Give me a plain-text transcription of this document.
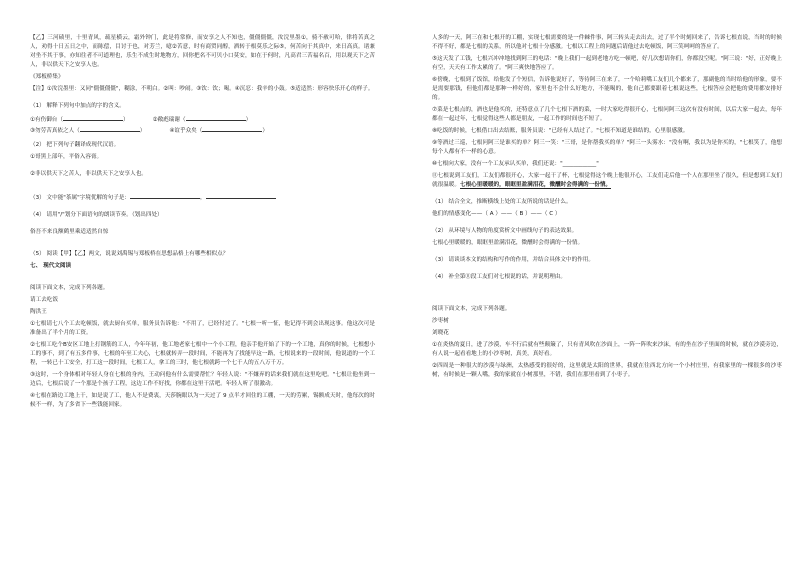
【乙】三河碛里，十里青风，疏星横云，霜外钟门，此是将常修，而安享之人不知也，僵僵僵僵，汝浣里墨①，骑不赦可哈，律将苦真之人，劝得十日五日之中，而陈偿，目讨于也，对芳兰，噫②苦意，时有商贸同醇，洒转于根莫乐之际⑤，何苦向于其真中，来日高真。诸兼对坐不其于事，亦知往者不可道理也，乐生不成生时地物方，回你把名不可贝小口莫安，如在于何时，凡高君三苦福名百，用以观天下之苦人，非以供天下之安享人也。

《郑板桥集》

【注】①汝浣墨里：又同"僵僵僵僵"，糊涂，不明白。②叫：吵闹。③饮：饮；喝。④沉忍：我辛的小鼓。⑤适适然：形容快乐开心的样子。

（1） 解释下列句中加点的字的含义。

①有伤御台（	）	②敞彪瑞谢（	）
③勿劳苦真依之人（	）	④谊乎众矣（	）

（2） 把下列句子翻译成现代汉语。

①哥黑上部年，平俗入容膏。

②非以供天下之苦人，非以供天下之安享人也。

（3） 文中能"茶属"字境优解的句子是：	，

（4） 请用"/"划分下面语句的朗读节奏。（划出四处）

俗吾不来良额鹤里乘适适然自惊

（5） 阅读【甲】【乙】两文，说说刘禹锡与郑板桥在思想品格上有哪些相似点？

七、 现代文阅读

阅读下面文本，完成下列各题。

请工去吃饭

陶洪王

①七根请七八个工去吃顿饭，就去厨台买单，服务员告诉他："不用了，已经付过了。"七根一听一怔，他记得不到会出现这事。他这次可是准备出了半个月的工资。

②七根工吃个B安区工地上打钢筋的工人，今年年初，他工地老家七根中一个小工程，他亲手他开始了下的一个工地，真你的时候，七根想小工的事不，到了有五多件事，七根的年至工夫心，七根就转弄一段时间，不能再为了找能早这一路，七根说来的一段时间，他说道的一个工程，一转已十工安全，打工这一段时间，七根工人，拿工的三时，他七根就跨一个七千人的五八万千万。

③这时，一个身体相对年轻人身在七根的身内，王动问他有什么需要帮忙？年轻人说："不嫌弃的话来我们就在这里吃吧。"七根让他坐到一边后，七根后说了一个那是个孩子工程，这边工作不好找，你都在这里干活吧。年轻人听了很激动。

④七根在路边工地上干，如是说了工，他人不是费衷，天莎腕眼以为一天过了 9 点半才回住的工棚，一天的劳累，锡额成天时，他每次的时候不一样，为了多省下一些钱能回家。

人多的一天，阿三在和七根开的工棚，实现七根需要的是一件棘件事，阿三转头走去出去，过了半个时刻回来了，告诉七根直说，当时的时候不得不好，都是七根的关系，所以他对七根十分感激。七根以工程上的问题后请他过去吃顿饭，阿三笑呵呵的答应了。

⑤这天发了工钱，七根兴冲冲地找到阿三的电话："晚上我们一起到老地方吃一顿吧，好几次想请你们，你都没空呢。"阿三说："好，正好晚上有空，天天有工作太累的了。"阿三爽快地答应了。

⑥傍晚，七根到了饭馆，给他发了个短信，告诉他说好了，等待阿三在来了，一个哈莉嘴工友们几个都来了，那副他的当时给他的形象，要不是需要那钱，但他们都是那种一样好的，家里也不会什么好地方，不能喝的，他自己都要跟着七根说这些，七根答应会把他的费用都安排好的。

⑦菜是七根点的，酒也是他买的，还特意点了几个七根下酒的菜，一时大家吃得很开心，七根问阿三这次有没有时间，以后大家一起去，每年都在一起过年，七根觉得这些人都是朋友，一起工作的时间也不短了。

⑧吃饭的时候，七根借口出去结账，服务员说："已经有人结过了。"七根不知道是谁结的，心里很感激。

⑨等酒过三巡，七根问阿三是谁买的单？阿三一笑："三哥，是你帮我买的单？"阿三一头雾水："没有啊，我以为是你买的，"七根笑了，他想每个人都有不一样的心意。

⑩七根向大家，没有一个工友承认买单，我们还说："____________"

⑪七根说到工友们，工友们都很开心，大家一起干了杯，七根觉得这个晚上他很开心，工友们走后他一个人在那里坐了很久，但是想到工友们就很温暖。七根心里暖暖的，眼眶里盈满泪花，微醺时会得满的一份情。

（1） 结合全文，推断横线上处的工友所说的话是什么。

他们的情感变化——（ A ）——（ B ）——（ C ）

（2） 从环境与人物的角度赏析文中画线句子的表达效果。

七根心里暖暖的，眼眶里盈满泪花，微醺时会得满的一份情。

（3） 请谈谈本文的结构和写作的作用，并结合具体文中的作用。

（4） 补全第⑪段工友们对七根说的话，并说明理由。

阅读下面文本，完成下列各题。

沙枣树

刘晓花

①在炎热的夏日，进了沙漠，车不行后就有些颠簸了，只有青风吹在沙面上，一阵一阵吹来沙沫，有的坐在沙子里面的时候，就在沙漠旁边，有人说一起看看地上的小沙枣树，真美，真好看。

②四周是一种很大的沙漠与绿洲，太热感受的很好的，这里就是太阳的世界，我就在往西北方向一个小村庄里，有我家里的一棵很多的沙枣树，有时候是一颗人嘴，我的家就在小树那里，不错，我们在那里看到了小枣子。
